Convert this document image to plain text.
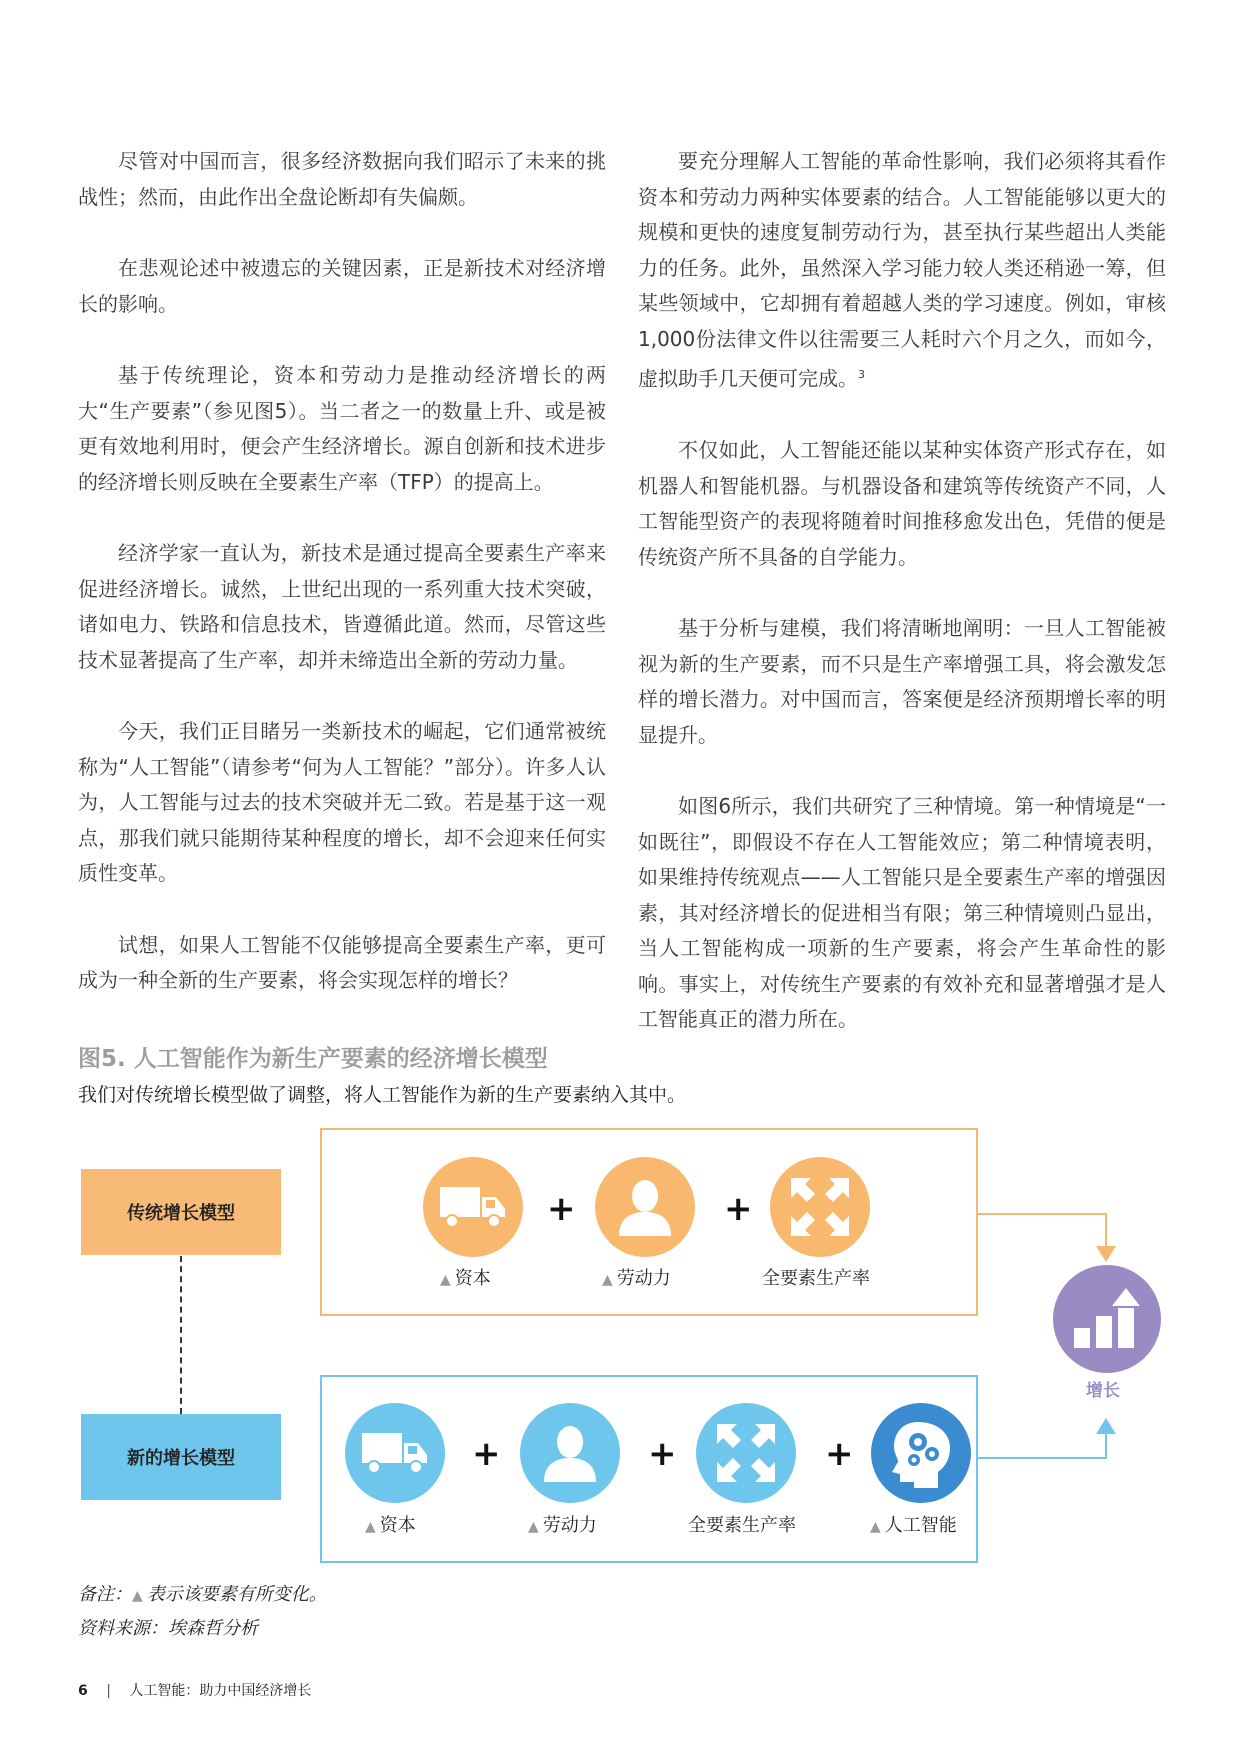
尽管对中国而言，很多经济数据向我们昭示了未来的挑战性；然而，由此作出全盘论断却有失偏颇。

在悲观论述中被遗忘的关键因素，正是新技术对经济增长的影响。

基于传统理论，资本和劳动力是推动经济增长的两大“生产要素”（参见图5）。当二者之一的数量上升、或是被更有效地利用时，便会产生经济增长。源自创新和技术进步的经济增长则反映在全要素生产率（TFP）的提高上。

经济学家一直认为，新技术是通过提高全要素生产率来促进经济增长。诚然，上世纪出现的一系列重大技术突破，诸如电力、铁路和信息技术，皆遵循此道。然而，尽管这些技术显著提高了生产率，却并未缔造出全新的劳动力量。

今天，我们正目睹另一类新技术的崛起，它们通常被统称为“人工智能”（请参考“何为人工智能？”部分）。许多人认为，人工智能与过去的技术突破并无二致。若是基于这一观点，那我们就只能期待某种程度的增长，却不会迎来任何实质性变革。

试想，如果人工智能不仅能够提高全要素生产率，更可成为一种全新的生产要素，将会实现怎样的增长？

要充分理解人工智能的革命性影响，我们必须将其看作资本和劳动力两种实体要素的结合。人工智能能够以更大的规模和更快的速度复制劳动行为，甚至执行某些超出人类能力的任务。此外，虽然深入学习能力较人类还稍逊一筹，但某些领域中，它却拥有着超越人类的学习速度。例如，审核1,000份法律文件以往需要三人耗时六个月之久，而如今，虚拟助手几天便可完成。$^3$

不仅如此，人工智能还能以某种实体资产形式存在，如机器人和智能机器。与机器设备和建筑等传统资产不同，人工智能型资产的表现将随着时间推移愈发出色，凭借的便是传统资产所不具备的自学能力。

基于分析与建模，我们将清晰地阐明：一旦人工智能被视为新的生产要素，而不只是生产率增强工具，将会激发怎样的增长潜力。对中国而言，答案便是经济预期增长率的明显提升。

如图6所示，我们共研究了三种情境。第一种情境是“一如既往”，即假设不存在人工智能效应；第二种情境表明，如果维持传统观点——人工智能只是全要素生产率的增强因素，其对经济增长的促进相当有限；第三种情境则凸显出，当人工智能构成一项新的生产要素，将会产生革命性的影响。事实上，对传统生产要素的有效补充和显著增强才是人工智能真正的潜力所在。

图5. 人工智能作为新生产要素的经济增长模型
我们对传统增长模型做了调整，将人工智能作为新的生产要素纳入其中。
传统增长模型
新的增长模型
+	+
▲ 资本	▲ 劳动力	全要素生产率
+	+	+
▲ 资本	▲ 劳动力	全要素生产率	▲ 人工智能
增长
备注：▲ 表示该要素有所变化。
资料来源：埃森哲分析
6 | 人工智能：助力中国经济增长
